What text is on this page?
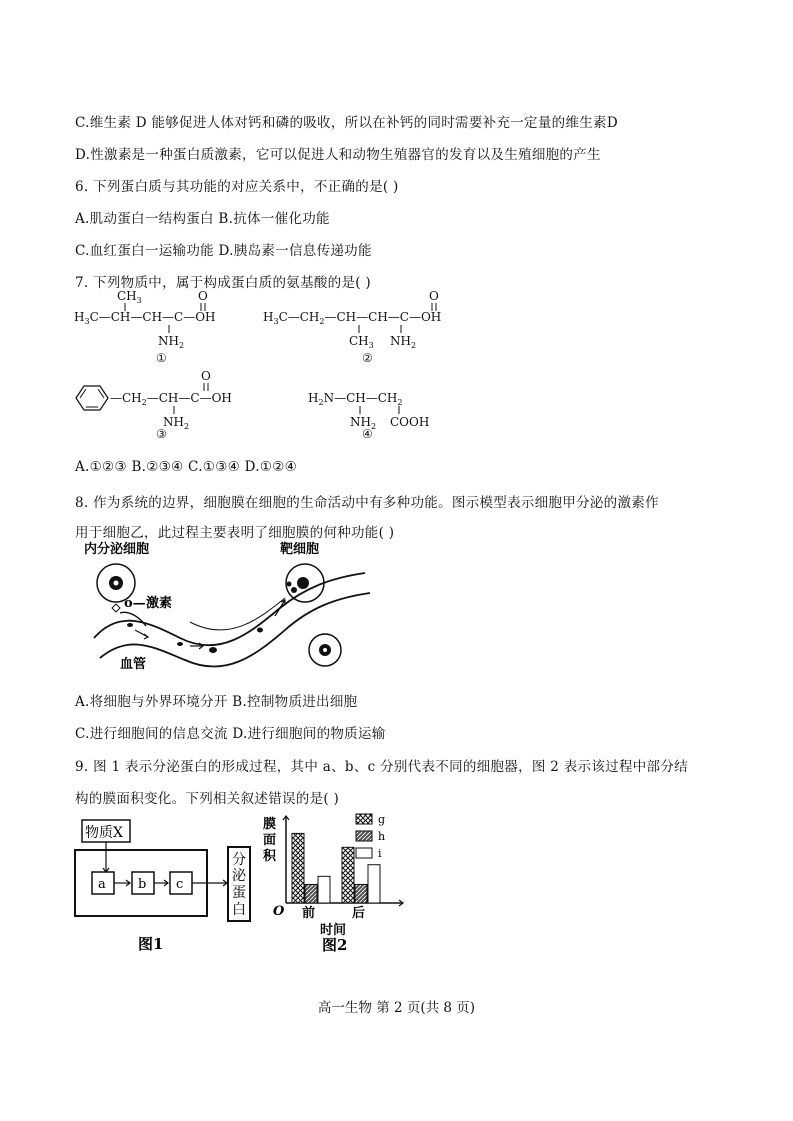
C.维生素 D 能够促进人体对钙和磷的吸收，所以在补钙的同时需要补充一定量的维生素D
D.性激素是一种蛋白质激素，它可以促进人和动物生殖器官的发育以及生殖细胞的产生
6. 下列蛋白质与其功能的对应关系中，不正确的是( )
A.肌动蛋白一结构蛋白 B.抗体一催化功能
C.血红蛋白一运输功能 D.胰岛素一信息传递功能
7. 下列物质中，属于构成蛋白质的氨基酸的是( )
$CH_3$
$H_3C—CH—CH—C—OH$
O
$NH_2$
①
$H_3C—CH_2—CH—CH—C—OH$
O
$CH_3$ $NH_2$
②
$—CH_2—CH—C—OH$
O
$NH_2$
③
$H_2N—CH—CH_2$
$NH_2$ COOH
④
A.①②③ B.②③④ C.①③④ D.①②④
8. 作为系统的边界，细胞膜在细胞的生命活动中有多种功能。图示模型表示细胞甲分泌的激素作
用于细胞乙，此过程主要表明了细胞膜的何种功能( )
内分泌细胞	靶细胞
o— 激素
血管
A.将细胞与外界环境分开 B.控制物质进出细胞
C.进行细胞间的信息交流 D.进行细胞间的物质运输
9. 图 1 表示分泌蛋白的形成过程，其中 a、b、c 分别代表不同的细胞器，图 2 表示该过程中部分结
构的膜面积变化。下列相关叙述错误的是( )
物质X
a b c
分
泌
蛋
白
图1
g
h
i
膜
面
积
O 前	后
时间
图2
高一生物 第 2 页(共 8 页)
